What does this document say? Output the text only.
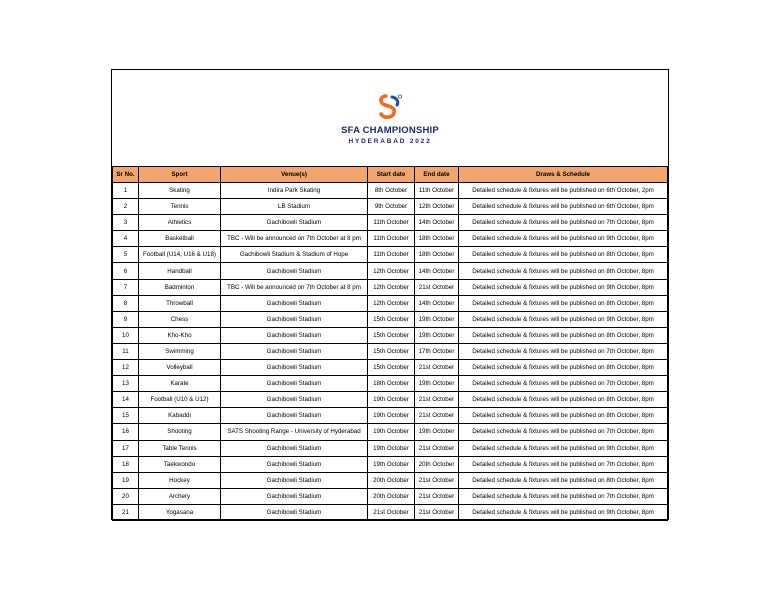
SFA CHAMPIONSHIP
HYDERABAD 2022
Sr No.	Sport	Venue(s)	Start date	End date	Draws & Schedule
1	Skating	Indira Park Skating	8th October	11th October	Detailed schedule & fixtures will be published on 6th October, 2pm
2	Tennis	LB Stadium	9th October	12th October	Detailed schedule & fixtures will be published on 6th October, 8pm
3	Athletics	Gachibowli Stadium	11th October	14th October	Detailed schedule & fixtures will be published on 7th October, 8pm
4	Basketball	TBC - Will be announced on 7th October at 8 pm	11th October	18th October	Detailed schedule & fixtures will be published on 9th October, 8pm
5	Football (U14, U16 & U18)	Gachibowli Stadium & Stadium of Hope	11th October	18th October	Detailed schedule & fixtures will be published on 8th October, 8pm
6	Handball	Gachibowli Stadium	12th October	14th October	Detailed schedule & fixtures will be published on 8th October, 8pm
7	Badminton	TBC - Will be announced on 7th October at 8 pm	12th October	21st October	Detailed schedule & fixtures will be published on 9th October, 8pm
8	Throwball	Gachibowli Stadium	12th October	14th October	Detailed schedule & fixtures will be published on 8th October, 8pm
9	Chess	Gachibowli Stadium	15th October	19th October	Detailed schedule & fixtures will be published on 9th October, 8pm
10	Kho-Kho	Gachibowli Stadium	15th October	19th October	Detailed schedule & fixtures will be published on 8th October, 8pm
11	Swimming	Gachibowli Stadium	15th October	17th October	Detailed schedule & fixtures will be published on 7th October, 8pm
12	Volleyball	Gachibowli Stadium	15th October	21st October	Detailed schedule & fixtures will be published on 8th October, 8pm
13	Karate	Gachibowli Stadium	18th October	19th October	Detailed schedule & fixtures will be published on 7th October, 8pm
14	Football (U10 & U12)	Gachibowli Stadium	19th October	21st October	Detailed schedule & fixtures will be published on 8th October, 8pm
15	Kabaddi	Gachibowli Stadium	19th October	21st October	Detailed schedule & fixtures will be published on 8th October, 8pm
16	Shooting	SATS Shooting Range - University of Hyderabad	19th October	19th October	Detailed schedule & fixtures will be published on 7th October, 8pm
17	Table Tennis	Gachibowli Stadium	19th October	21st October	Detailed schedule & fixtures will be published on 9th October, 8pm
18	Taekwondo	Gachibowli Stadium	19th October	20th October	Detailed schedule & fixtures will be published on 7th October, 8pm
19	Hockey	Gachibowli Stadium	20th October	21st October	Detailed schedule & fixtures will be published on 8th October, 8pm
20	Archery	Gachibowli Stadium	20th October	21st October	Detailed schedule & fixtures will be published on 7th October, 8pm
21	Yogasana	Gachibowli Stadium	21st October	21st October	Detailed schedule & fixtures will be published on 9th October, 8pm
